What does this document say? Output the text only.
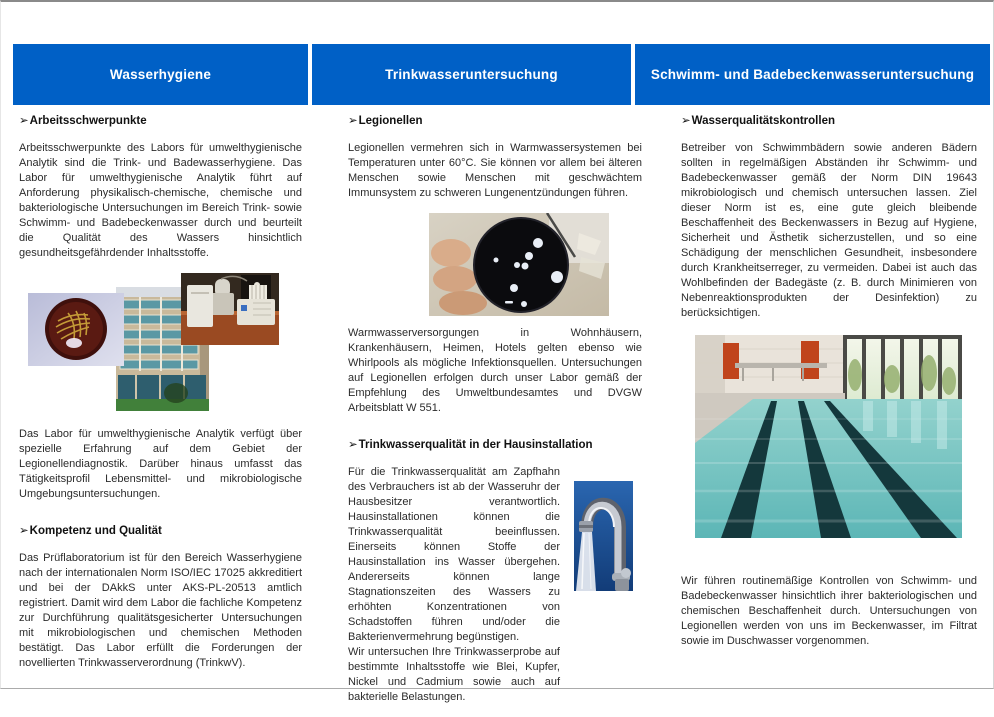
Wasserhygiene	Trinkwasseruntersuchung	Schwimm- und Badebeckenwasseruntersuchung
➢Arbeitsschwerpunkte

Arbeitsschwerpunkte des Labors für umwelthygienische Analytik sind die Trink- und Badewasserhygiene. Das Labor für umwelthygienische Analytik führt auf Anforderung physikalisch-chemische, chemische und bakteriologische Untersuchungen im Bereich Trink- sowie Schwimm- und Badebeckenwasser durch und beurteilt die Qualität des Wassers hinsichtlich gesundheitsgefährdender Inhaltsstoffe.

Das Labor für umwelthygienische Analytik verfügt über spezielle Erfahrung auf dem Gebiet der Legionellendiagnostik. Darüber hinaus umfasst das Tätigkeitsprofil Lebensmittel- und mikrobiologische Umgebungsuntersuchungen.

➢Kompetenz und Qualität

Das Prüflaboratorium ist für den Bereich Wasserhygiene nach der internationalen Norm ISO/IEC 17025 akkreditiert und bei der DAkkS unter AKS-PL-20513 amtlich registriert. Damit wird dem Labor die fachliche Kompetenz zur Durchführung qualitätsgesicherter Untersuchungen mit mikrobiologischen und chemischen Methoden bestätigt. Das Labor erfüllt die Forderungen der novellierten Trinkwasserverordnung (TrinkwV).

➢Legionellen

Legionellen vermehren sich in Warmwassersystemen bei Temperaturen unter 60°C. Sie können vor allem bei älteren Menschen sowie Menschen mit geschwächtem Immunsystem zu schweren Lungenentzündungen führen.

Warmwasserversorgungen in Wohnhäusern, Krankenhäusern, Heimen, Hotels gelten ebenso wie Whirlpools als mögliche Infektionsquellen. Untersuchungen auf Legionellen erfolgen durch unser Labor gemäß der Empfehlung des Umweltbundesamtes und DVGW Arbeitsblatt W 551.

➢Trinkwasserqualität in der Hausinstallation

Für die Trinkwasserqualität am Zapfhahn des Verbrauchers ist ab der Wasseruhr der Hausbesitzer verantwortlich. Hausinstallationen können die Trinkwasserqualität beeinflussen. Einerseits können Stoffe der Hausinstallation ins Wasser übergehen. Andererseits können lange Stagnationszeiten des Wassers zu erhöhten Konzentrationen von Schadstoffen führen und/oder die Bakterienvermehrung begünstigen.

Wir untersuchen Ihre Trinkwasserprobe auf bestimmte Inhaltsstoffe wie Blei, Kupfer, Nickel und Cadmium sowie auch auf bakterielle Belastungen.

➢Wasserqualitätskontrollen

Betreiber von Schwimmbädern sowie anderen Bädern sollten in regelmäßigen Abständen ihr Schwimm- und Badebeckenwasser gemäß der Norm DIN 19643 mikrobiologisch und chemisch untersuchen lassen. Ziel dieser Norm ist es, eine gute gleich bleibende Beschaffenheit des Beckenwassers in Bezug auf Hygiene, Sicherheit und Ästhetik sicherzustellen, und so eine Schädigung der menschlichen Gesundheit, insbesondere durch Krankheitserreger, zu vermeiden. Dabei ist auch das Wohlbefinden der Badegäste (z. B. durch Minimieren von Nebenreaktionsprodukten der Desinfektion) zu berücksichtigen.

Wir führen routinemäßige Kontrollen von Schwimm- und Badebeckenwasser hinsichtlich ihrer bakteriologischen und chemischen Beschaffenheit durch. Untersuchungen von Legionellen werden von uns im Beckenwasser, im Filtrat sowie im Duschwasser vorgenommen.
